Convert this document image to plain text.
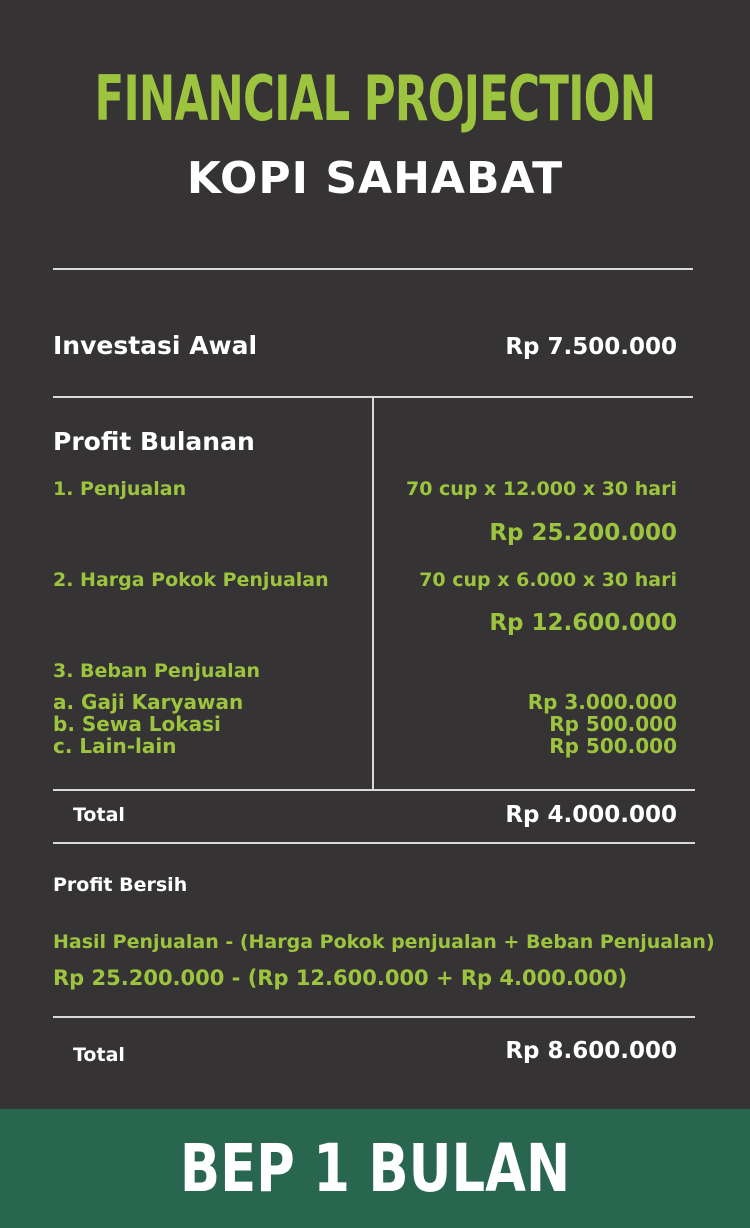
FINANCIAL PROJECTION
KOPI SAHABAT
Investasi Awal	Rp 7.500.000
Profit Bulanan
1. Penjualan	70 cup x 12.000 x 30 hari
Rp 25.200.000
2. Harga Pokok Penjualan	70 cup x 6.000 x 30 hari
Rp 12.600.000
3. Beban Penjualan
a. Gaji Karyawan	Rp 3.000.000
b. Sewa Lokasi	Rp 500.000
c. Lain-lain	Rp 500.000
Total	Rp 4.000.000
Profit Bersih
Hasil Penjualan - (Harga Pokok penjualan + Beban Penjualan)
Rp 25.200.000 - (Rp 12.600.000 + Rp 4.000.000)
Total	Rp 8.600.000
BEP 1 BULAN
